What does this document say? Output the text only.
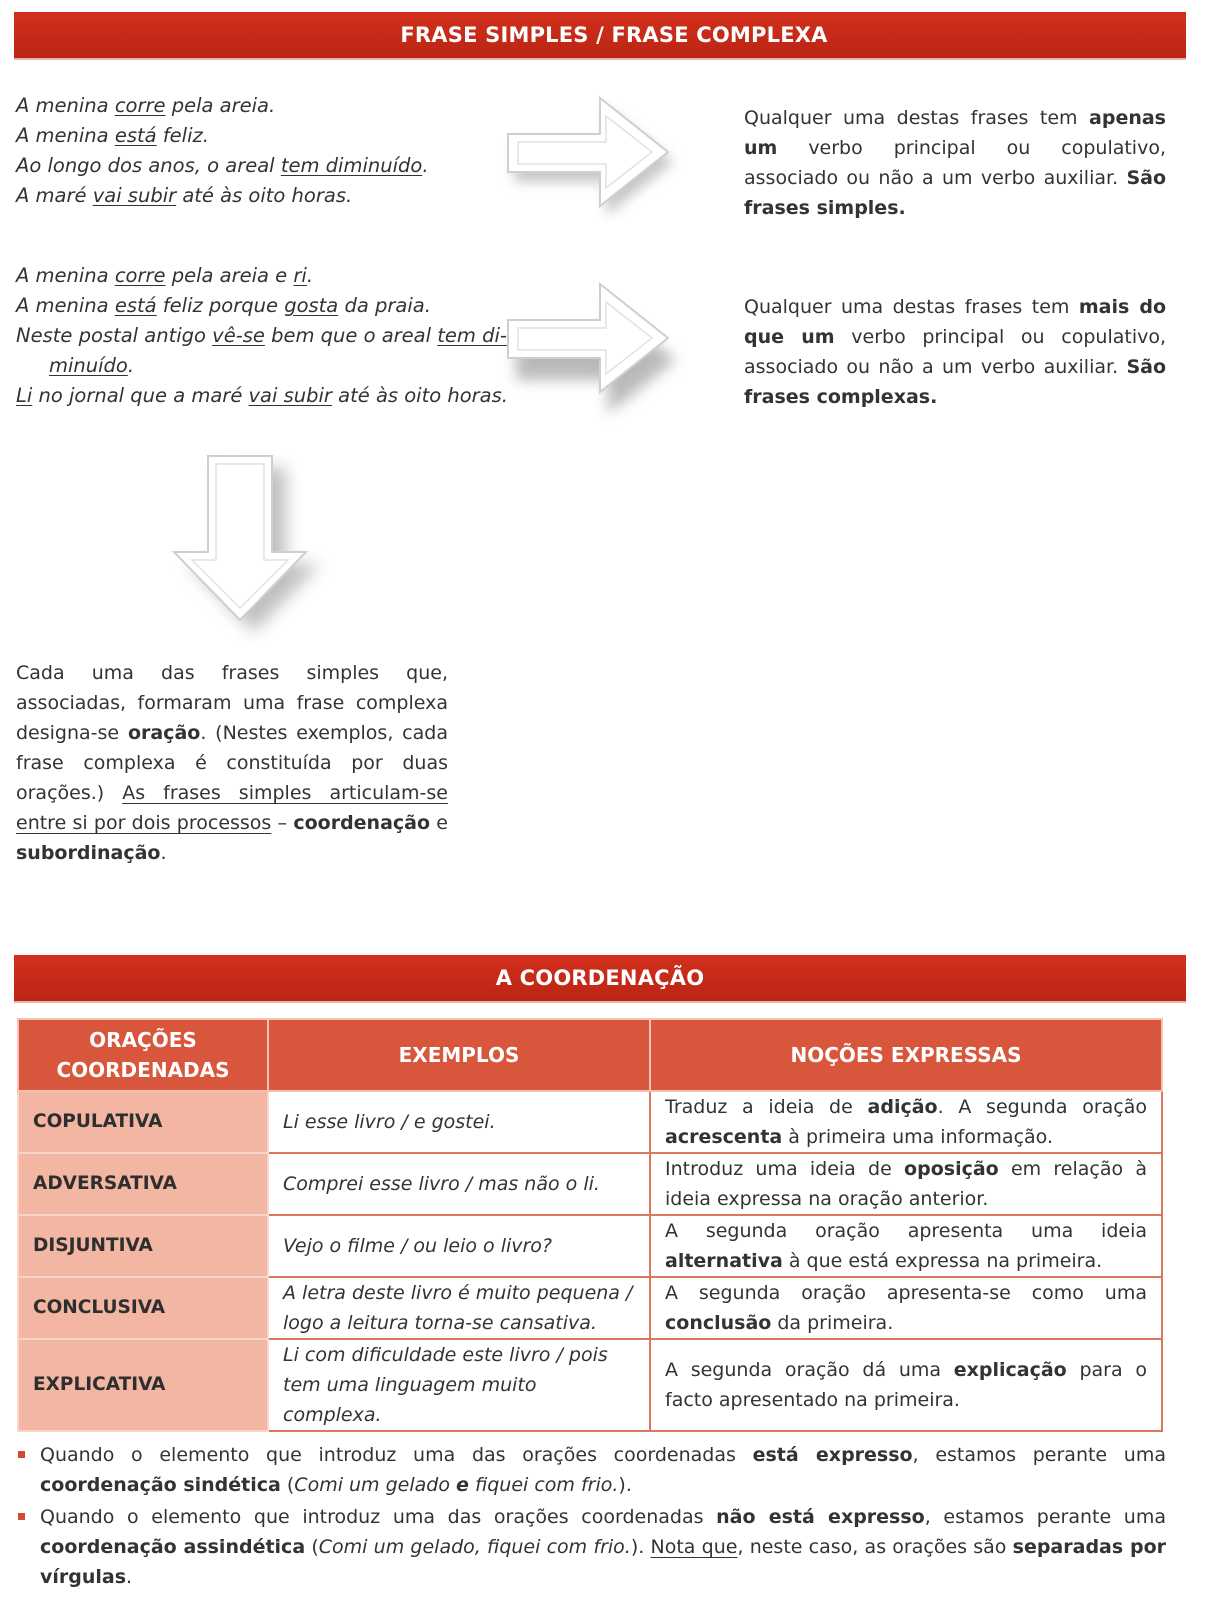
FRASE SIMPLES / FRASE COMPLEXA
A menina corre pela areia.
A menina está feliz.
Ao longo dos anos, o areal tem diminuído.
A maré vai subir até às oito horas.

Qualquer uma destas frases tem apenas um verbo principal ou copulativo, associado ou não a um verbo auxiliar. São frases simples.

A menina corre pela areia e ri.
A menina está feliz porque gosta da praia.
Neste postal antigo vê-se bem que o areal tem di-
minuído.
Li no jornal que a maré vai subir até às oito horas.

Qualquer uma destas frases tem mais do que um verbo principal ou copulativo, associado ou não a um verbo auxiliar. São frases complexas.

Cada uma das frases simples que, associadas, formaram uma frase complexa designa-se oração. (Nestes exemplos, cada frase complexa é constituída por duas orações.) As frases simples articulam-se entre si por dois processos – coordenação e subordinação.

A COORDENAÇÃO
ORAÇÕES COORDENADAS	EXEMPLOS	NOÇÕES EXPRESSAS
COPULATIVA	Li esse livro / e gostei.	Traduz a ideia de adição. A segunda oração acrescenta à primeira uma informação.
ADVERSATIVA	Comprei esse livro / mas não o li.	Introduz uma ideia de oposição em relação à ideia expressa na oração anterior.
DISJUNTIVA	Vejo o filme / ou leio o livro?	A segunda oração apresenta uma ideia alternativa à que está expressa na primeira.
CONCLUSIVA	A letra deste livro é muito pequena / logo a leitura torna-se cansativa.	A segunda oração apresenta-se como uma conclusão da primeira.
EXPLICATIVA	Li com dificuldade este livro / pois tem uma linguagem muito complexa.	A segunda oração dá uma explicação para o facto apresentado na primeira.
Quando o elemento que introduz uma das orações coordenadas está expresso, estamos perante uma coordenação sindética (Comi um gelado e fiquei com frio.).
Quando o elemento que introduz uma das orações coordenadas não está expresso, estamos perante uma coordenação assindética (Comi um gelado, fiquei com frio.). Nota que, neste caso, as orações são separadas por vírgulas.
